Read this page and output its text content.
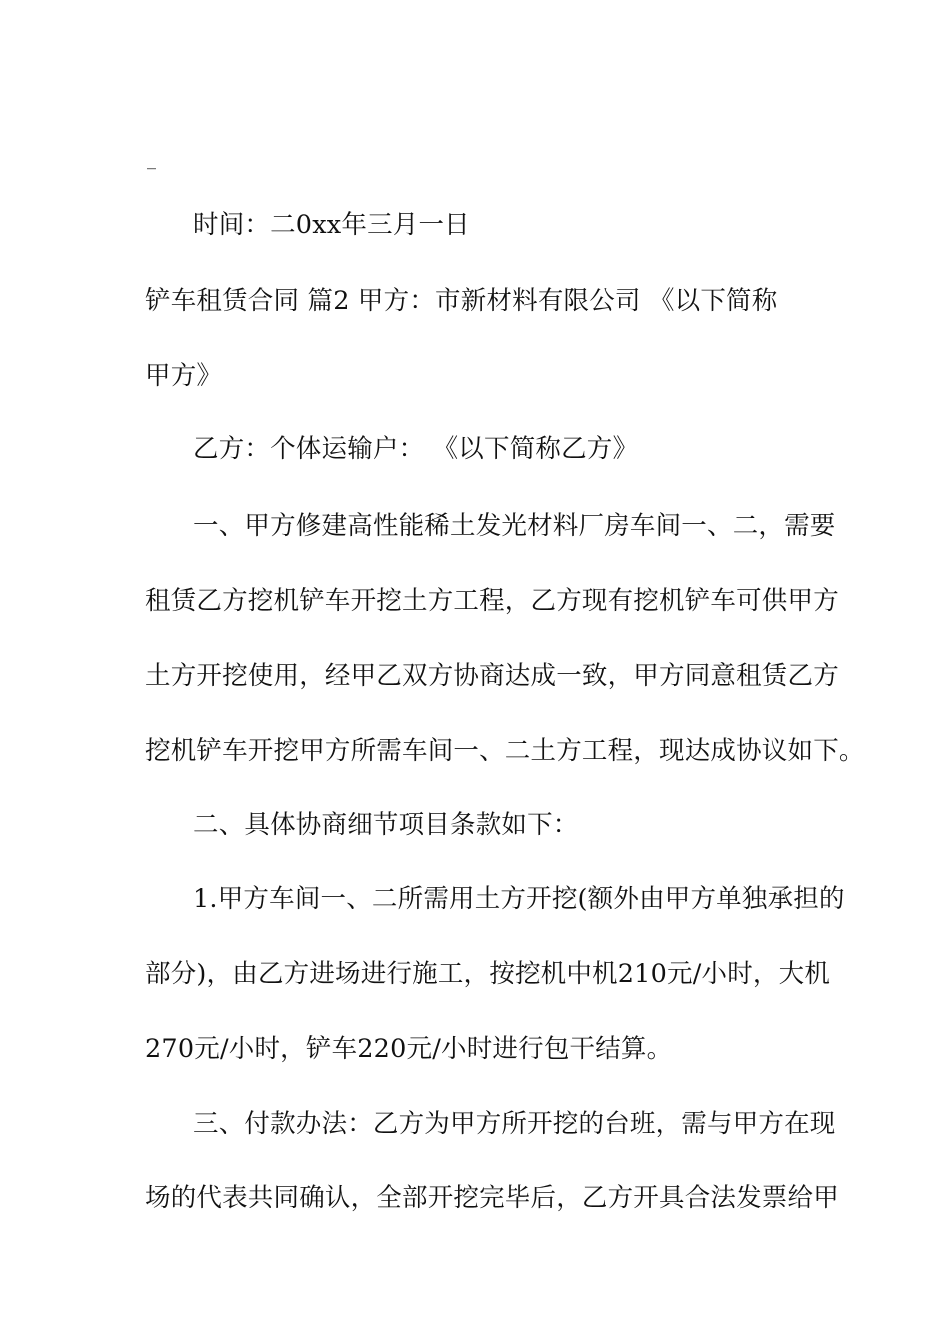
_
时间：二0xx年三月一日
铲车租赁合同 篇2 甲方：市新材料有限公司 《以下简称
甲方》
乙方：个体运输户： 《以下简称乙方》
一、甲方修建高性能稀土发光材料厂房车间一、二，需要
租赁乙方挖机铲车开挖土方工程，乙方现有挖机铲车可供甲方
土方开挖使用，经甲乙双方协商达成一致，甲方同意租赁乙方
挖机铲车开挖甲方所需车间一、二土方工程，现达成协议如下。
二、具体协商细节项目条款如下：
1.甲方车间一、二所需用土方开挖(额外由甲方单独承担的
部分)，由乙方进场进行施工，按挖机中机210元/小时，大机
270元/小时，铲车220元/小时进行包干结算。
三、付款办法：乙方为甲方所开挖的台班，需与甲方在现
场的代表共同确认，全部开挖完毕后，乙方开具合法发票给甲
